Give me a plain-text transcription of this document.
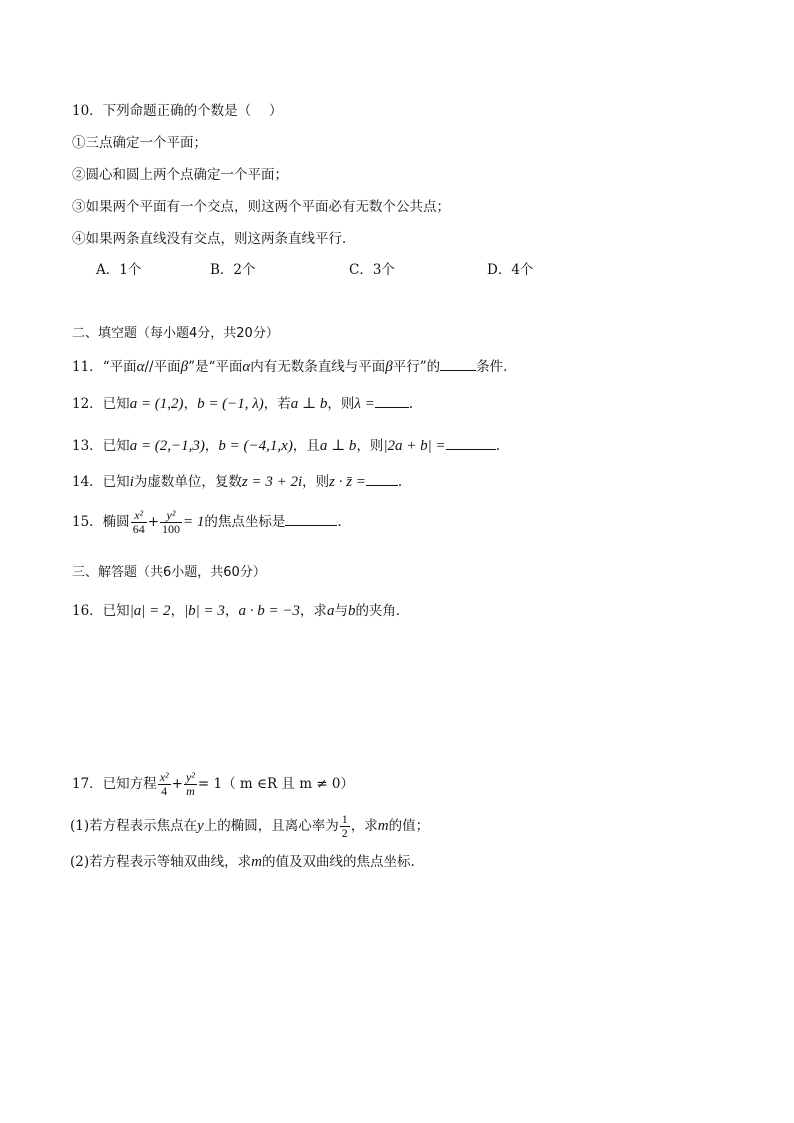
10．下列命题正确的个数是（　 ）
①三点确定一个平面；
②圆心和圆上两个点确定一个平面；
③如果两个平面有一个交点，则这两个平面必有无数个公共点；
④如果两条直线没有交点，则这两条直线平行．
A．1个	B．2个	C．3个	D．4个
二、填空题（每小题4分，共20分）
11．“平面α//平面β”是“平面α内有无数条直线与平面β平行”的	条件．
12．已知a = (1,2)，b = (−1, λ)，若a ⊥ b，则λ =	.
13．已知a = (2,−1,3)，b = (−4,1,x)，且a ⊥ b，则|2a + b| =	.
14．已知i为虚数单位，复数z = 3 + 2i，则z · z̄ = .
15．椭圆 $\frac{\text{x²}}{64} + \frac{\text{y²}}{100} = 1$的焦点坐标是	.
三、解答题（共6小题，共60分）
16．已知|a| = 2，|b| = 3，a · b = −3，求a与b的夹角．
17．已知方程 $\frac{\text{x²}}{4} + \frac{\text{y²}}{m} = 1$（ m ∈R 且 m ≠ 0）
(1)若方程表示焦点在y上的椭圆，且离心率为 $\frac{1}{2}$ ，求m的值；
(2)若方程表示等轴双曲线，求m的值及双曲线的焦点坐标.
